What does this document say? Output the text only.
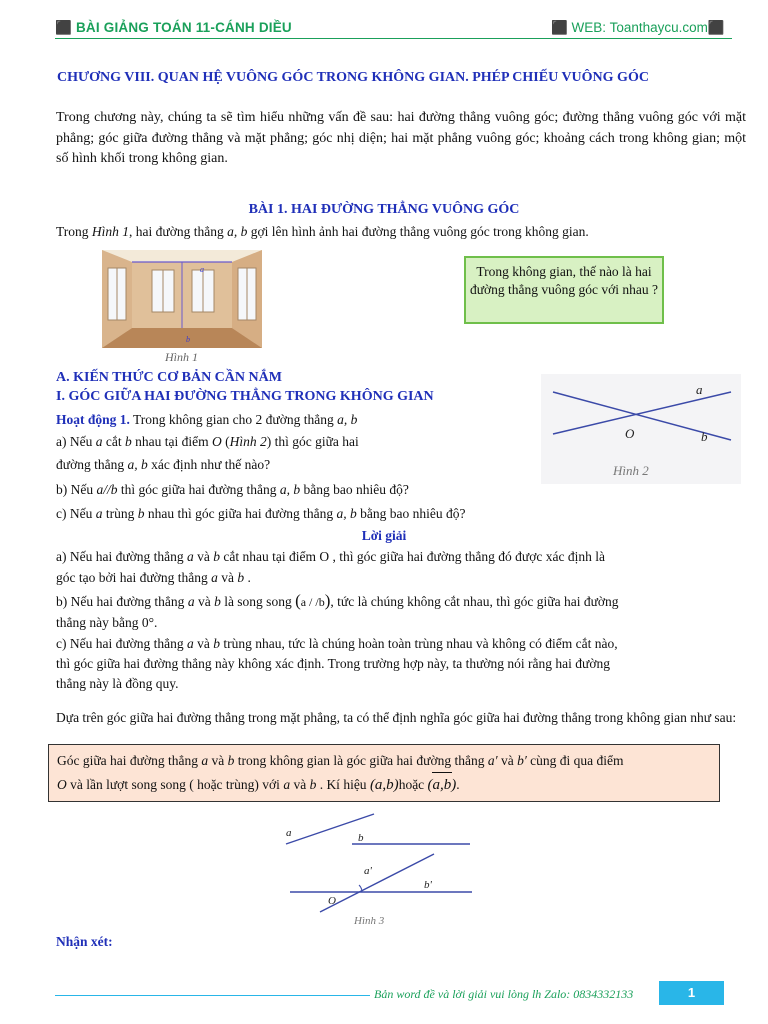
⬛ BÀI GIẢNG TOÁN 11-CÁNH DIỀU	⬛ WEB: Toanthaycu.com⬛
CHƯƠNG VIII. QUAN HỆ VUÔNG GÓC TRONG KHÔNG GIAN. PHÉP CHIẾU VUÔNG GÓC
Trong chương này, chúng ta sẽ tìm hiểu những vấn đề sau: hai đường thẳng vuông góc; đường thẳng vuông góc với mặt phẳng; góc giữa đường thẳng và mặt phẳng; góc nhị diện; hai mặt phẳng vuông góc; khoảng cách trong không gian; một số hình khối trong không gian.
BÀI 1. HAI ĐƯỜNG THẲNG VUÔNG GÓC
Trong Hình 1, hai đường thẳng a, b gợi lên hình ảnh hai đường thẳng vuông góc trong không gian.
a
b
Hình 1
Trong không gian, thế nào là hai đường thẳng vuông góc với nhau ?
A. KIẾN THỨC CƠ BẢN CẦN NẮM
I. GÓC GIỮA HAI ĐƯỜNG THẲNG TRONG KHÔNG GIAN	a
b
O
Hình 2
Hoạt động 1. Trong không gian cho 2 đường thẳng a, b
a) Nếu a cắt b nhau tại điểm O (Hình 2) thì góc giữa hai
đường thẳng a, b xác định như thế nào?
b) Nếu a//b thì góc giữa hai đường thẳng a, b bằng bao nhiêu độ?
c) Nếu a trùng b nhau thì góc giữa hai đường thẳng a, b bằng bao nhiêu độ?
Lời giải
a) Nếu hai đường thẳng a và b cắt nhau tại điểm O , thì góc giữa hai đường thẳng đó được xác định là
góc tạo bởi hai đường thẳng a và b .
b) Nếu hai đường thẳng a và b là song song (a / /b), tức là chúng không cắt nhau, thì góc giữa hai đường
thẳng này bằng 0°.
c) Nếu hai đường thẳng a và b trùng nhau, tức là chúng hoàn toàn trùng nhau và không có điểm cắt nào,
thì góc giữa hai đường thẳng này không xác định. Trong trường hợp này, ta thường nói rằng hai đường
thẳng này là đồng quy.
Dựa trên góc giữa hai đường thẳng trong mặt phẳng, ta có thể định nghĩa góc giữa hai đường thẳng trong không gian như sau:
Góc giữa hai đường thẳng a và b trong không gian là góc giữa hai đường thẳng a′ và b′ cùng đi qua điểm
O và lần lượt song song ( hoặc trùng) với a và b . Kí hiệu (a,b)hoặc
(a,b).
a	b
a'
b'
O
Hình 3
Nhận xét:
Bản word đề và lời giải vui lòng lh Zalo: 0834332133	1
